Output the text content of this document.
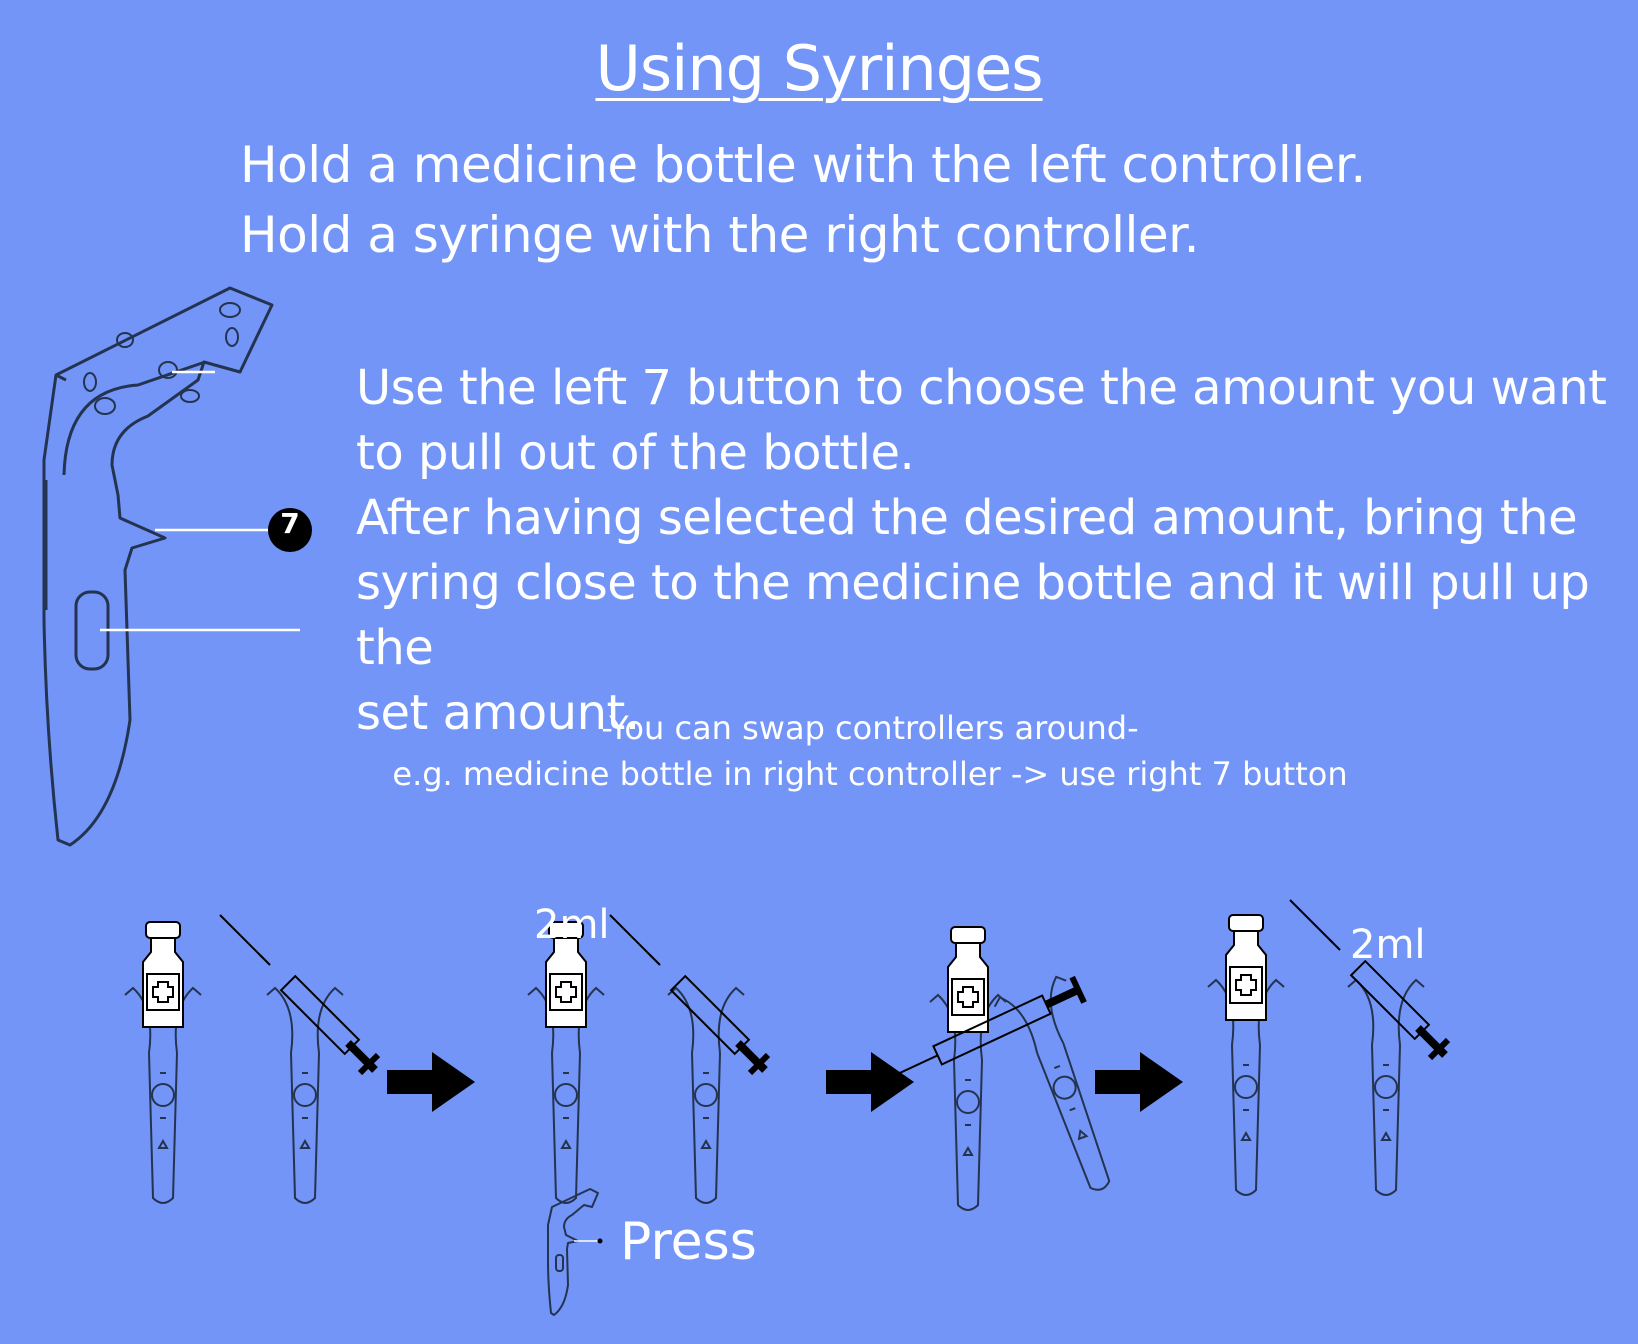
Using Syringes
Hold a medicine bottle with the left controller.
Hold a syringe with the right controller.
7
Use the left 7 button to choose the amount you want
to pull out of the bottle.
After having selected the desired amount, bring the
syring close to the medicine bottle and it will pull up the
set amount.
-You can swap controllers around-
e.g. medicine bottle in right controller -> use right 7 button
2ml	2ml
Press
